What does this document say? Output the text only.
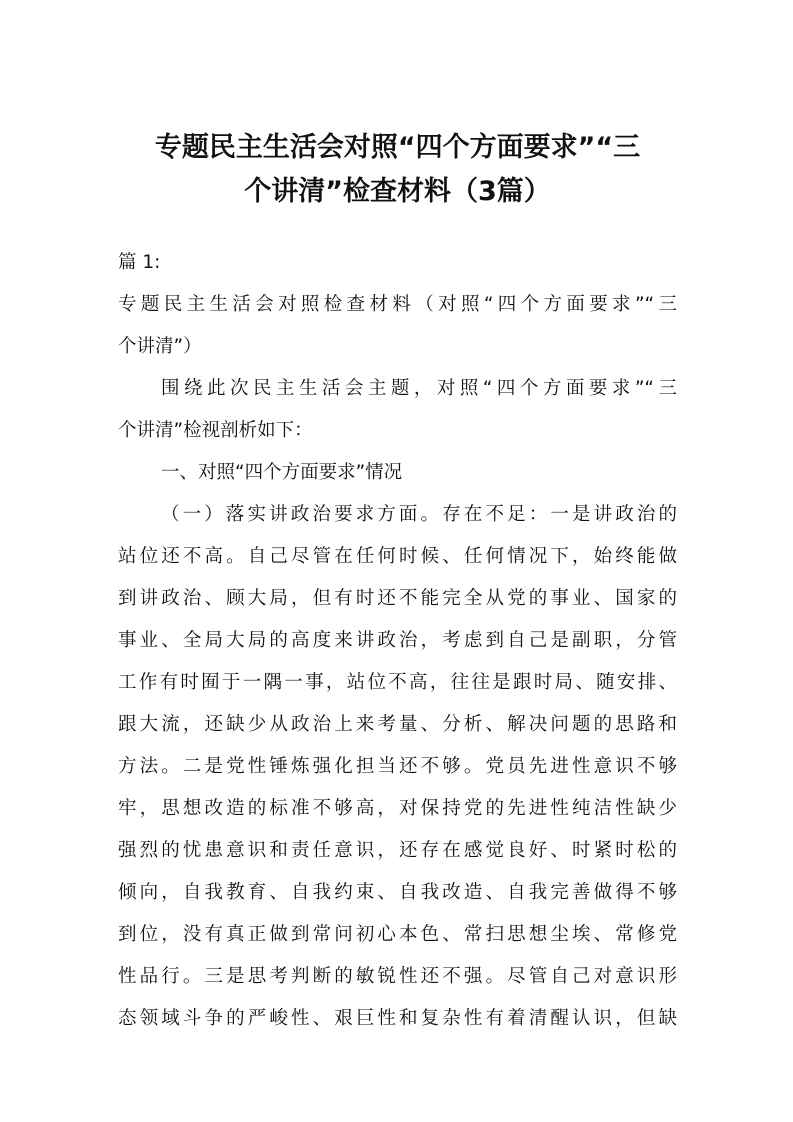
专题民主生活会对照“四个方面要求”“三
个讲清”检查材料（3篇）
篇 1:
专题民主生活会对照检查材料（对照“四个方面要求”“三
个讲清”）
围绕此次民主生活会主题，对照“四个方面要求”“三
个讲清”检视剖析如下：
一、对照“四个方面要求”情况
（一）落实讲政治要求方面。存在不足：一是讲政治的
站位还不高。自己尽管在任何时候、任何情况下，始终能做
到讲政治、顾大局，但有时还不能完全从党的事业、国家的
事业、全局大局的高度来讲政治，考虑到自己是副职，分管
工作有时囿于一隅一事，站位不高，往往是跟时局、随安排、
跟大流，还缺少从政治上来考量、分析、解决问题的思路和
方法。二是党性锤炼强化担当还不够。党员先进性意识不够
牢，思想改造的标准不够高，对保持党的先进性纯洁性缺少
强烈的忧患意识和责任意识，还存在感觉良好、时紧时松的
倾向，自我教育、自我约束、自我改造、自我完善做得不够
到位，没有真正做到常问初心本色、常扫思想尘埃、常修党
性品行。三是思考判断的敏锐性还不强。尽管自己对意识形
态领域斗争的严峻性、艰巨性和复杂性有着清醒认识，但缺
